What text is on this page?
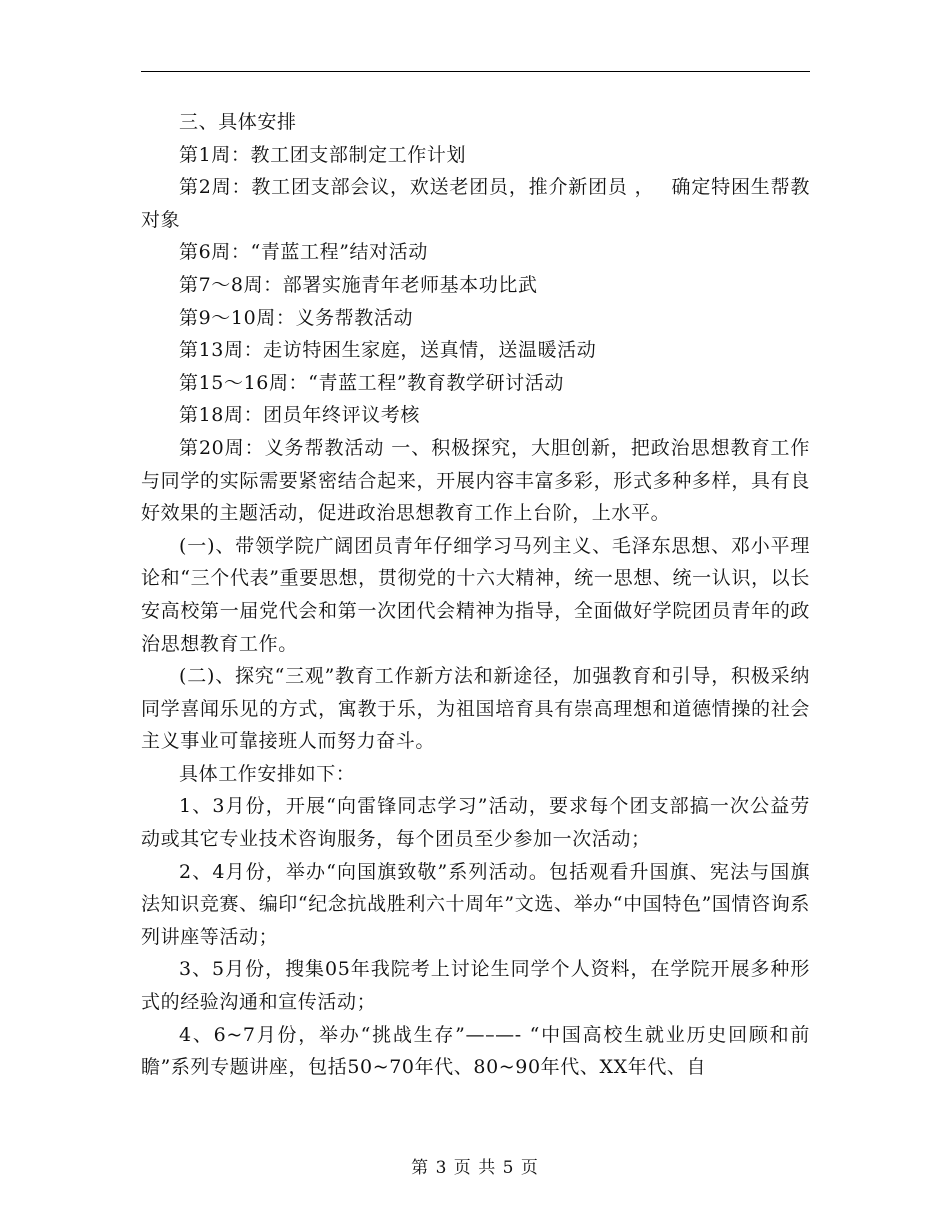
三、具体安排

第1周：教工团支部制定工作计划

第2周：教工团支部会议，欢送老团员，推介新团员 ，　 确定特困生帮教对象

第6周：“青蓝工程”结对活动

第7～8周：部署实施青年老师基本功比武

第9～10周：义务帮教活动

第13周：走访特困生家庭，送真情，送温暖活动

第15～16周：“青蓝工程”教育教学研讨活动

第18周：团员年终评议考核

第20周：义务帮教活动 一、积极探究，大胆创新，把政治思想教育工作与同学的实际需要紧密结合起来，开展内容丰富多彩，形式多种多样，具有良好效果的主题活动，促进政治思想教育工作上台阶，上水平。

(一)、带领学院广阔团员青年仔细学习马列主义、毛泽东思想、邓小平理论和“三个代表”重要思想，贯彻党的十六大精神，统一思想、统一认识，以长安高校第一届党代会和第一次团代会精神为指导，全面做好学院团员青年的政治思想教育工作。

(二)、探究“三观”教育工作新方法和新途径，加强教育和引导，积极采纳同学喜闻乐见的方式，寓教于乐，为祖国培育具有崇高理想和道德情操的社会主义事业可靠接班人而努力奋斗。

具体工作安排如下：

1、3月份，开展“向雷锋同志学习”活动，要求每个团支部搞一次公益劳动或其它专业技术咨询服务，每个团员至少参加一次活动；

2、4月份，举办“向国旗致敬”系列活动。包括观看升国旗、宪法与国旗法知识竞赛、编印“纪念抗战胜利六十周年”文选、举办“中国特色”国情咨询系列讲座等活动；

3、5月份，搜集05年我院考上讨论生同学个人资料，在学院开展多种形式的经验沟通和宣传活动；

4、6~7月份，举办“挑战生存”—–—- “中国高校生就业历史回顾和前瞻”系列专题讲座，包括50~70年代、80~90年代、XX年代、自

第 3 页 共 5 页
